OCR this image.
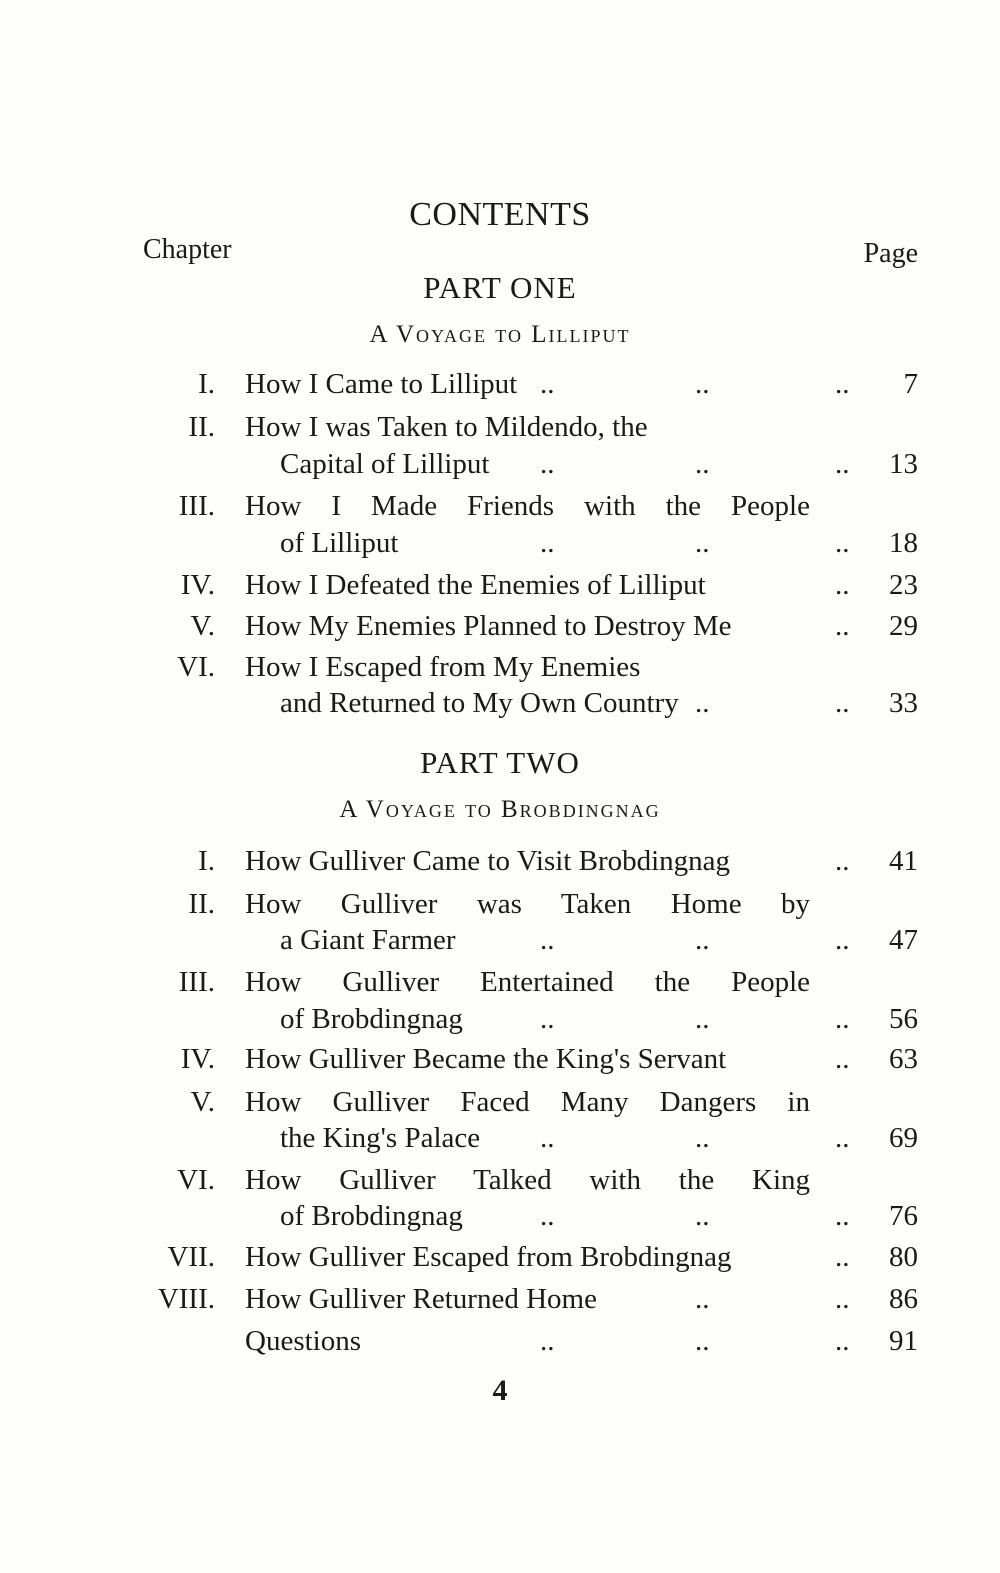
CONTENTS
Chapter	Page
PART ONE
A Voyage to Lilliput
I. How I Came to Lilliput	7
II. How I was Taken to Mildendo, the
Capital of Lilliput	13
III. How I Made Friends with the People
of Lilliput	18
IV. How I Defeated the Enemies of Lilliput	23
V. How My Enemies Planned to Destroy Me	29
VI. How I Escaped from My Enemies
and Returned to My Own Country	33
PART TWO
A Voyage to Brobdingnag
I. How Gulliver Came to Visit Brobdingnag	41
II. How Gulliver was Taken Home by
a Giant Farmer	47
III. How Gulliver Entertained the People
of Brobdingnag	56
IV. How Gulliver Became the King's Servant	63
V. How Gulliver Faced Many Dangers in
the King's Palace	69
VI. How Gulliver Talked with the King
of Brobdingnag	76
VII. How Gulliver Escaped from Brobdingnag	80
VIII. How Gulliver Returned Home	86
Questions	91
..	..	..
..	..	..
..	..	..
..
..
..	..
..
..	..	..
..	..	..
..
..	..	..
..	..	..
..
..	..
..	..	..
4
